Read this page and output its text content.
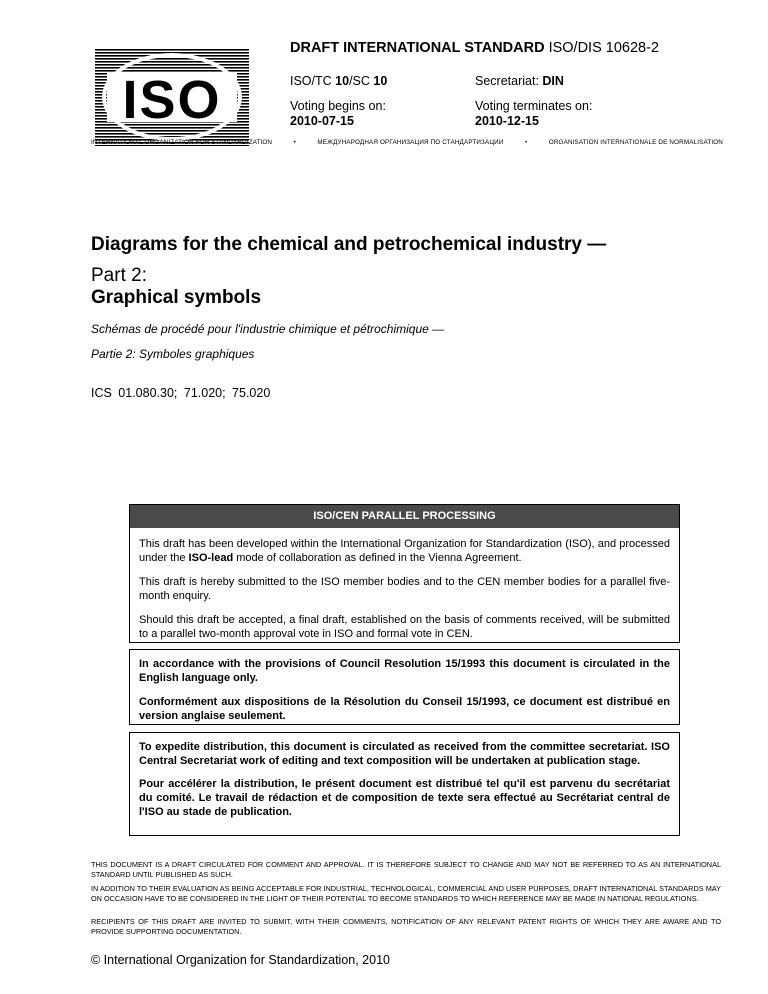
ISO
DRAFT INTERNATIONAL STANDARD ISO/DIS 10628-2
ISO/TC 10/SC 10	Secretariat: DIN
Voting begins on:
2010-07-15
Voting terminates on:
2010-12-15
INTERNATIONAL ORGANIZATION FOR STANDARDIZATION	•	МЕЖДУНАРОДНАЯ ОРГАНИЗАЦИЯ ПО СТАНДАРТИЗАЦИИ	•	ORGANISATION INTERNATIONALE DE NORMALISATION
Diagrams for the chemical and petrochemical industry —
Part 2:
Graphical symbols
Schémas de procédé pour l'industrie chimique et pétrochimique —
Partie 2: Symboles graphiques
ICS 01.080.30; 71.020; 75.020
ISO/CEN PARALLEL PROCESSING

This draft has been developed within the International Organization for Standardization (ISO), and processed under the ISO-lead mode of collaboration as defined in the Vienna Agreement.

This draft is hereby submitted to the ISO member bodies and to the CEN member bodies for a parallel five-month enquiry.

Should this draft be accepted, a final draft, established on the basis of comments received, will be submitted to a parallel two-month approval vote in ISO and formal vote in CEN.

In accordance with the provisions of Council Resolution 15/1993 this document is circulated in the English language only.

Conformément aux dispositions de la Résolution du Conseil 15/1993, ce document est distribué en version anglaise seulement.

To expedite distribution, this document is circulated as received from the committee secretariat. ISO Central Secretariat work of editing and text composition will be undertaken at publication stage.

Pour accélérer la distribution, le présent document est distribué tel qu'il est parvenu du secrétariat du comité. Le travail de rédaction et de composition de texte sera effectué au Secrétariat central de l'ISO au stade de publication.

THIS DOCUMENT IS A DRAFT CIRCULATED FOR COMMENT AND APPROVAL. IT IS THEREFORE SUBJECT TO CHANGE AND MAY NOT BE REFERRED TO AS AN INTERNATIONAL STANDARD UNTIL PUBLISHED AS SUCH.
IN ADDITION TO THEIR EVALUATION AS BEING ACCEPTABLE FOR INDUSTRIAL, TECHNOLOGICAL, COMMERCIAL AND USER PURPOSES, DRAFT INTERNATIONAL STANDARDS MAY ON OCCASION HAVE TO BE CONSIDERED IN THE LIGHT OF THEIR POTENTIAL TO BECOME STANDARDS TO WHICH REFERENCE MAY BE MADE IN NATIONAL REGULATIONS.
RECIPIENTS OF THIS DRAFT ARE INVITED TO SUBMIT, WITH THEIR COMMENTS, NOTIFICATION OF ANY RELEVANT PATENT RIGHTS OF WHICH THEY ARE AWARE AND TO PROVIDE SUPPORTING DOCUMENTATION.
© International Organization for Standardization, 2010
